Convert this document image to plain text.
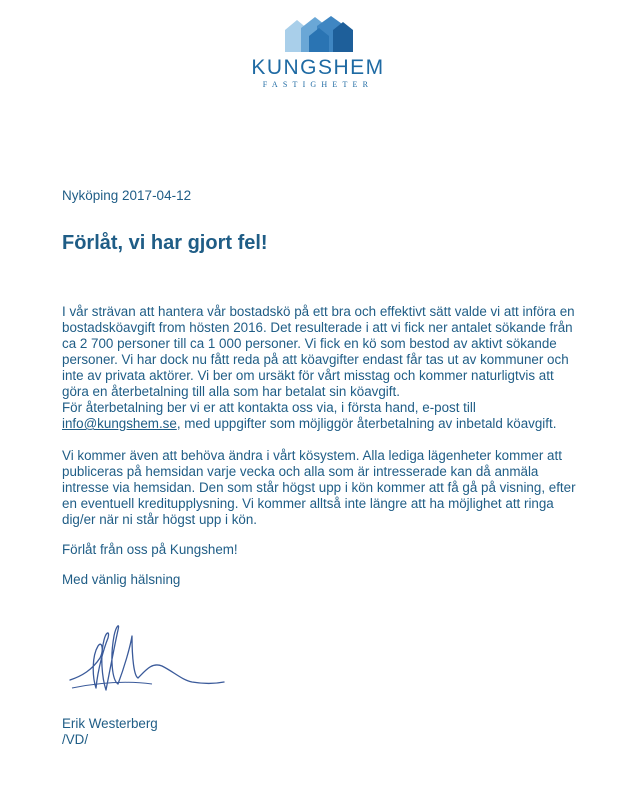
KUNGSHEM
FASTIGHETER
Nyköping 2017-04-12
Förlåt, vi har gjort fel!
I vår strävan att hantera vår bostadskö på ett bra och effektivt sätt valde vi att införa en
bostadsköavgift from hösten 2016. Det resulterade i att vi fick ner antalet sökande från
ca 2 700 personer till ca 1 000 personer. Vi fick en kö som bestod av aktivt sökande
personer. Vi har dock nu fått reda på att köavgifter endast får tas ut av kommuner och
inte av privata aktörer. Vi ber om ursäkt för vårt misstag och kommer naturligtvis att
göra en återbetalning till alla som har betalat sin köavgift.
För återbetalning ber vi er att kontakta oss via, i första hand, e-post till
info@kungshem.se, med uppgifter som möjliggör återbetalning av inbetald köavgift.
Vi kommer även att behöva ändra i vårt kösystem. Alla lediga lägenheter kommer att
publiceras på hemsidan varje vecka och alla som är intresserade kan då anmäla
intresse via hemsidan. Den som står högst upp i kön kommer att få gå på visning, efter
en eventuell kreditupplysning. Vi kommer alltså inte längre att ha möjlighet att ringa
dig/er när ni står högst upp i kön.
Förlåt från oss på Kungshem!
Med vänlig hälsning
Erik Westerberg
/VD/
